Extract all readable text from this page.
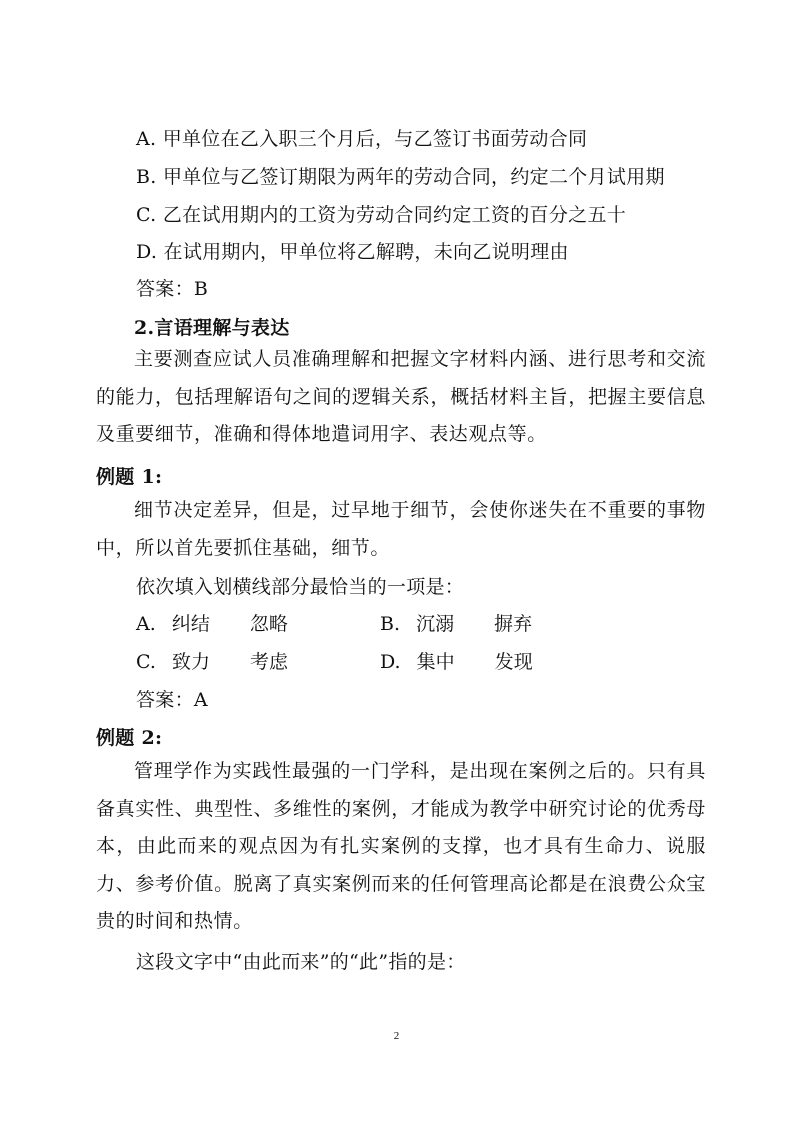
A. 甲单位在乙入职三个月后，与乙签订书面劳动合同
B. 甲单位与乙签订期限为两年的劳动合同，约定二个月试用期
C. 乙在试用期内的工资为劳动合同约定工资的百分之五十
D. 在试用期内，甲单位将乙解聘，未向乙说明理由
答案：B
2.言语理解与表达
主要测查应试人员准确理解和把握文字材料内涵、进行思考和交流的能力，包括理解语句之间的逻辑关系，概括材料主旨，把握主要信息及重要细节，准确和得体地遣词用字、表达观点等。
例题 1:
细节决定差异，但是，过早地于细节，会使你迷失在不重要的事物中，所以首先要抓住基础，细节。
依次填入划横线部分最恰当的一项是：
A. 纠结 忽略	B. 沉溺 摒弃
C. 致力 考虑	D. 集中 发现
答案：A
例题 2:
管理学作为实践性最强的一门学科，是出现在案例之后的。只有具备真实性、典型性、多维性的案例，才能成为教学中研究讨论的优秀母本，由此而来的观点因为有扎实案例的支撑，也才具有生命力、说服力、参考价值。脱离了真实案例而来的任何管理高论都是在浪费公众宝贵的时间和热情。
这段文字中“由此而来”的“此”指的是：
2
